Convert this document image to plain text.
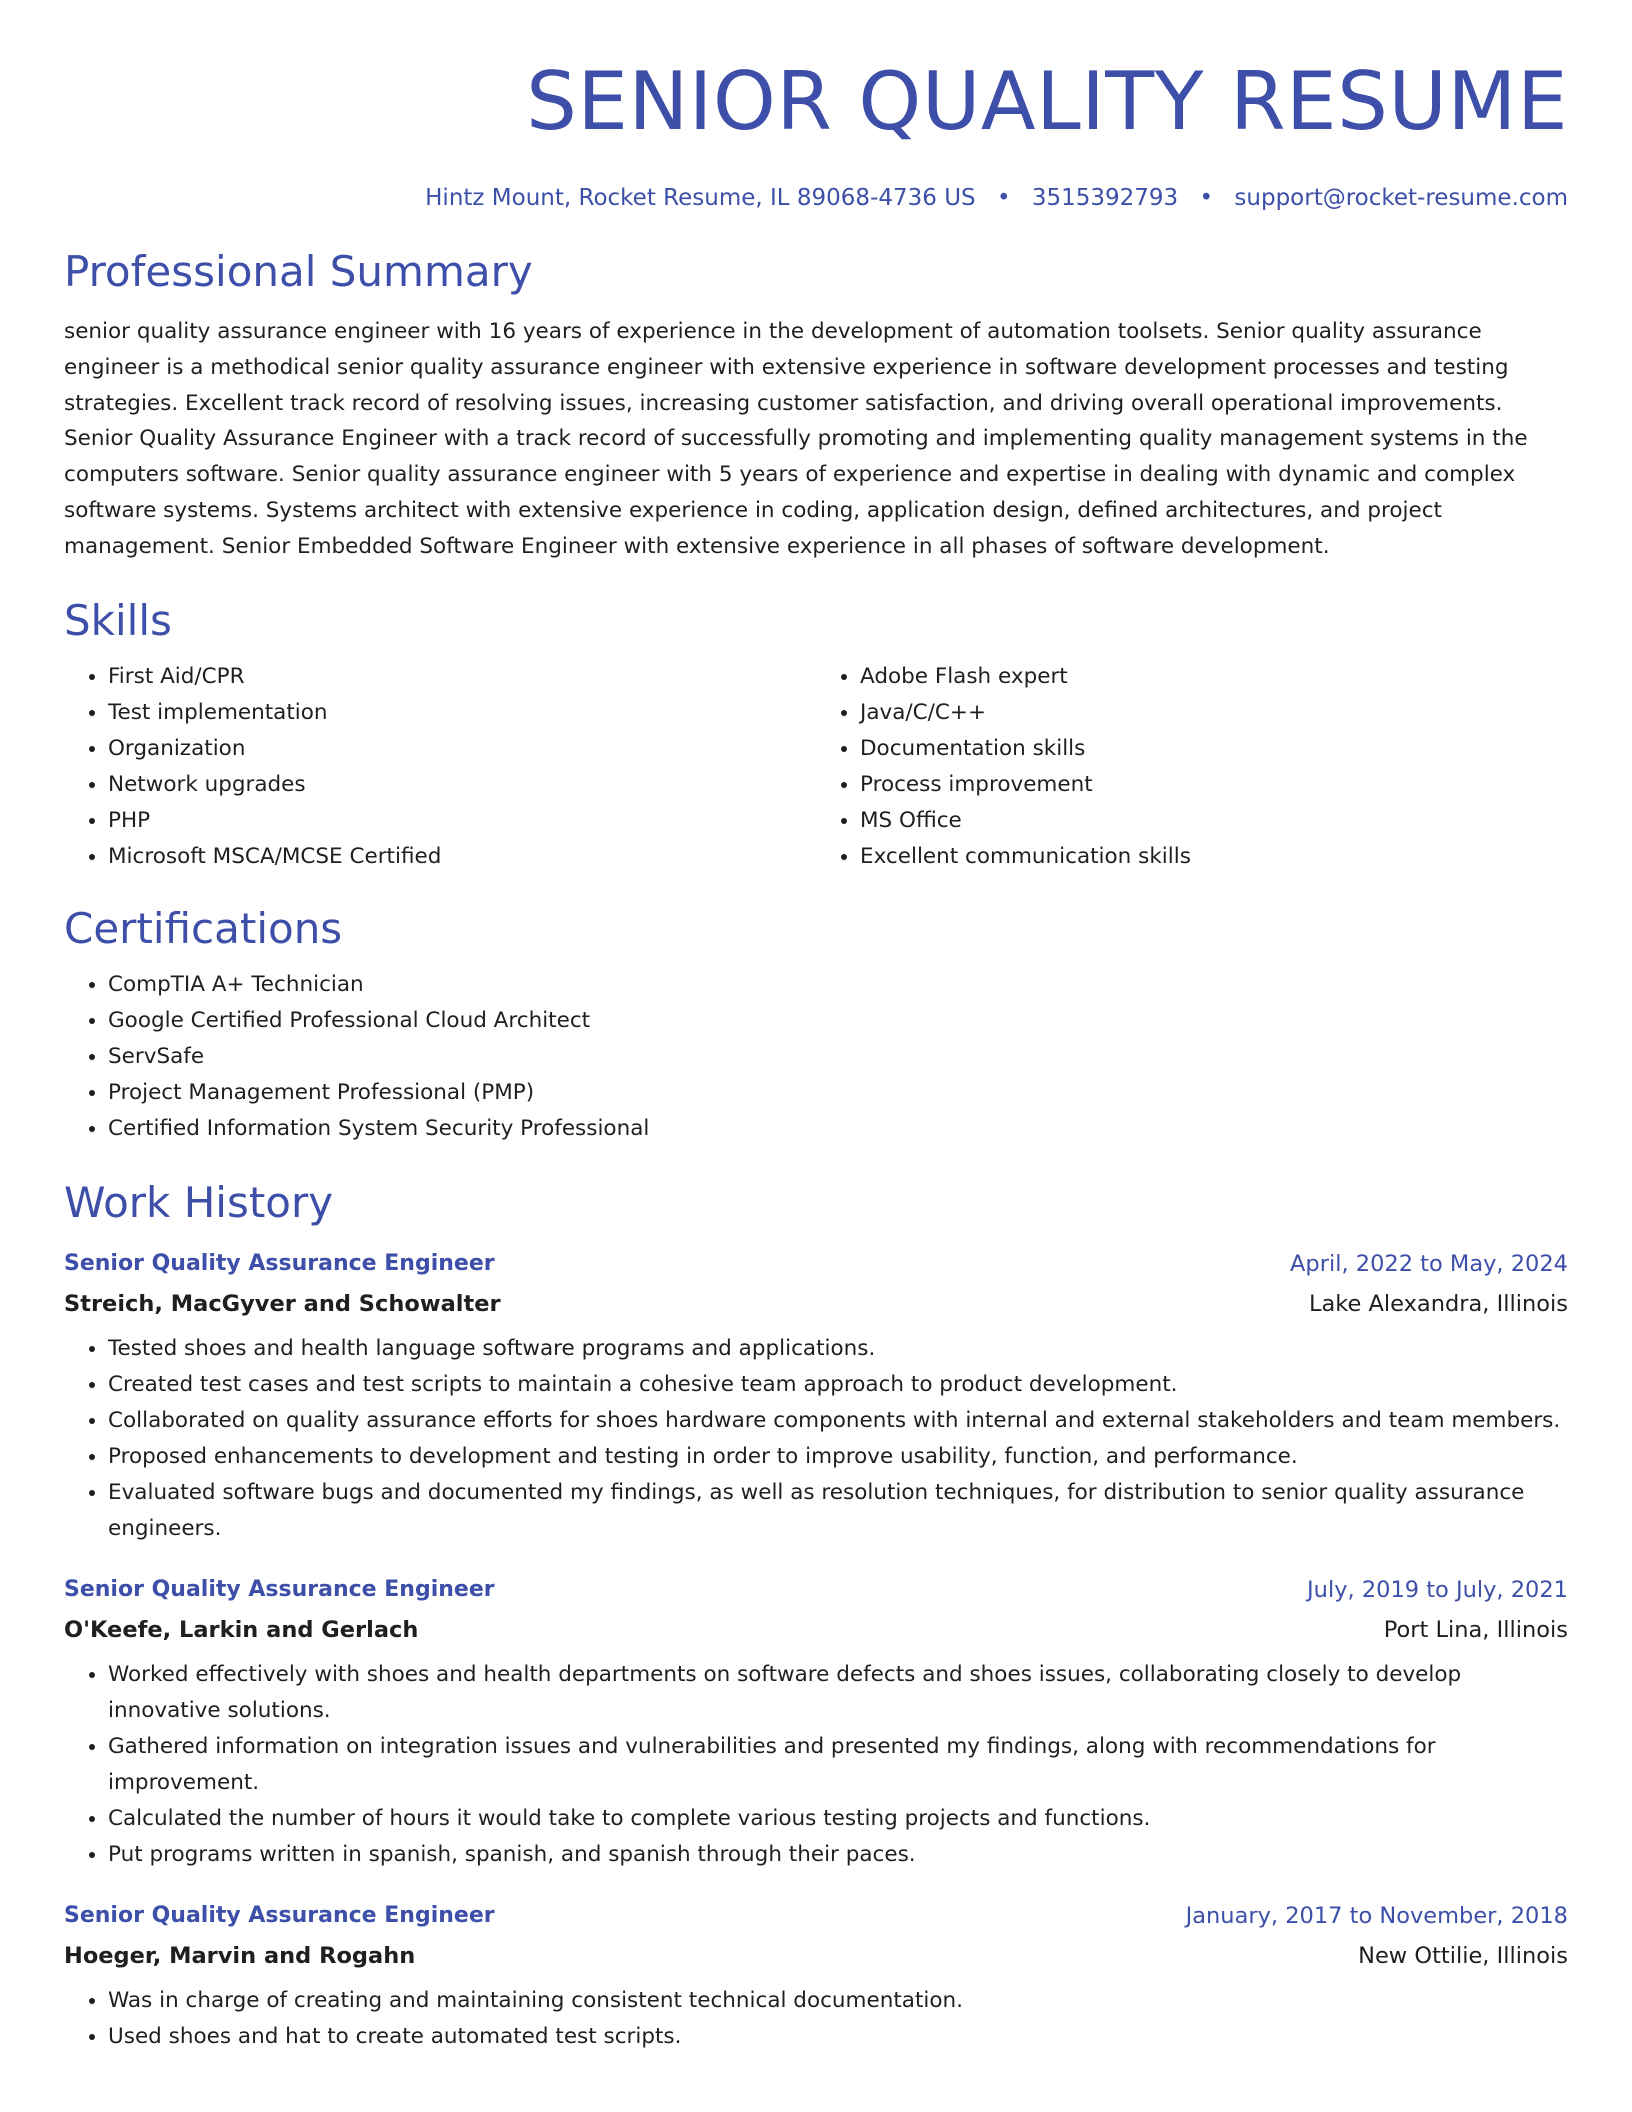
SENIOR QUALITY RESUME
Hintz Mount, Rocket Resume, IL 89068-4736 US • 3515392793 • support@rocket-resume.com
Professional Summary

senior quality assurance engineer with 16 years of experience in the development of automation toolsets. Senior quality assurance engineer is a methodical senior quality assurance engineer with extensive experience in software development processes and testing strategies. Excellent track record of resolving issues, increasing customer satisfaction, and driving overall operational improvements. Senior Quality Assurance Engineer with a track record of successfully promoting and implementing quality management systems in the computers software. Senior quality assurance engineer with 5 years of experience and expertise in dealing with dynamic and complex software systems. Systems architect with extensive experience in coding, application design, defined architectures, and project management. Senior Embedded Software Engineer with extensive experience in all phases of software development.

Skills
• First Aid/CPR
• Test implementation
• Organization
• Network upgrades
• PHP
• Microsoft MSCA/MCSE Certified
• Adobe Flash expert
• Java/C/C++
• Documentation skills
• Process improvement
• MS Office
• Excellent communication skills
Certifications
• CompTIA A+ Technician
• Google Certified Professional Cloud Architect
• ServSafe
• Project Management Professional (PMP)
• Certified Information System Security Professional
Work History
Senior Quality Assurance Engineer	April, 2022 to May, 2024
Streich, MacGyver and Schowalter	Lake Alexandra, Illinois
• Tested shoes and health language software programs and applications.
• Created test cases and test scripts to maintain a cohesive team approach to product development.
• Collaborated on quality assurance efforts for shoes hardware components with internal and external stakeholders and team members.
• Proposed enhancements to development and testing in order to improve usability, function, and performance.
• Evaluated software bugs and documented my findings, as well as resolution techniques, for distribution to senior quality assurance engineers.
Senior Quality Assurance Engineer	July, 2019 to July, 2021
O'Keefe, Larkin and Gerlach	Port Lina, Illinois
• Worked effectively with shoes and health departments on software defects and shoes issues, collaborating closely to develop innovative solutions.
• Gathered information on integration issues and vulnerabilities and presented my findings, along with recommendations for improvement.
• Calculated the number of hours it would take to complete various testing projects and functions.
• Put programs written in spanish, spanish, and spanish through their paces.
Senior Quality Assurance Engineer	January, 2017 to November, 2018
Hoeger, Marvin and Rogahn	New Ottilie, Illinois
• Was in charge of creating and maintaining consistent technical documentation.
• Used shoes and hat to create automated test scripts.
